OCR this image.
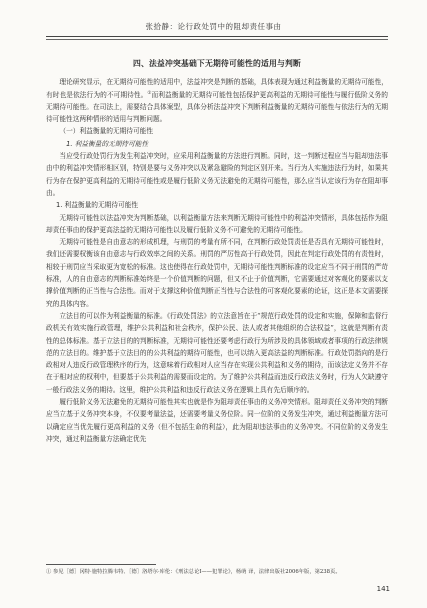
张拾静：论行政处罚中的阻却责任事由
四、法益冲突基础下无期待可能性的适用与判断

理论研究显示，在无期待可能性的适用中，法益冲突是判断的基础，具体表现为通过利益衡量的无期待可能性，有时也是依法行为的不可期待性。①而利益衡量的无期待可能性包括保护更高利益的无期待可能性与履行低阶义务的无期待可能性。在司法上，需要结合具体案型，具体分析法益冲突下判断利益衡量的无期待可能性与依法行为的无期待可能性这两种情形的适用与判断问题。

（一）利益衡量的无期待可能性
1. 利益衡量的无期待可能性

当应受行政处罚行为发生利益冲突时，应采用利益衡量的方法进行判断。同时，这一判断过程应当与阻却违法事由中的利益冲突情形相区别，特别是要与义务冲突以及紧急避险的判定区别开来。当行为人实施违法行为时，如果其行为存在保护更高利益的无期待可能性或是履行低阶义务无法避免的无期待可能性，那么应当认定该行为存在阻却事由。

1. 利益衡量的无期待可能性

无期待可能性以法益冲突为判断基础，以利益衡量方法来判断无期待可能性中的利益冲突情形，具体包括作为阻却责任事由的保护更高法益的无期待可能性以及履行低阶义务不可避免的无期待可能性。

无期待可能性是自由意志的形成机理，与刑罚的考量有所不同，在判断行政处罚责任是否具有无期待可能性时，我们还需要权衡该自由意志与行政效率之间的关系。刑罚的严厉性高于行政处罚，因此在判定行政处罚的有责性时，相较于刑罚应当采取更为宽松的标准。这也使得在行政处罚中，无期待可能性判断标准的设定应当不同于刑罚的严苛标准，人的自由意志的判断标准始终是一个价值判断的问题，但又不止于价值判断，它需要通过对客观化的要素以支撑价值判断的正当性与合法性。而对于支撑这种价值判断正当性与合法性的可客观化要素的论证，这正是本文需要探究的具体内容。

立法目的可以作为利益衡量的标准。《行政处罚法》的立法意旨在于“规范行政处罚的设定和实施，保障和监督行政机关有效实施行政管理，维护公共利益和社会秩序，保护公民、法人或者其他组织的合法权益”，这就是判断有责性的总体标准。基于立法目的的判断标准，无期待可能性还要考虑行政行为所涉及的具体领域或者事项的行政法律规范的立法目的。维护基于立法目的的公共利益的期待可能性，也可以纳入更高法益的判断标准。行政处罚指向的是行政相对人违反行政管理秩序的行为，这意味着行政相对人应当存在实现公共利益和义务的期待，而该法定义务并不存在于相对应的权利中，但要基于公共利益的需要而设定的。为了维护公共利益而违反行政法义务时，行为人欠缺遵守一般行政法义务的期待。这里，维护公共利益和违反行政法义务在逻辑上具有先后顺序的。

履行低阶义务无法避免的无期待可能性其实也就是作为阻却责任事由的义务冲突情形。阻却责任义务冲突的判断应当立基于义务冲突本身，不仅要考量法益，还需要考量义务位阶。同一位阶的义务发生冲突，通过利益衡量方法可以确定应当优先履行更高利益的义务（但不包括生命的利益），此为阻却违法事由的义务冲突。不同位阶的义务发生冲突，通过利益衡量方法确定优先

① 参见［德］冈特·施特拉腾韦特、［德］洛塔尔·库伦：《刑法总论Ⅰ——犯罪论》，杨萌 译，法律出版社2006年版，第238页。
141
